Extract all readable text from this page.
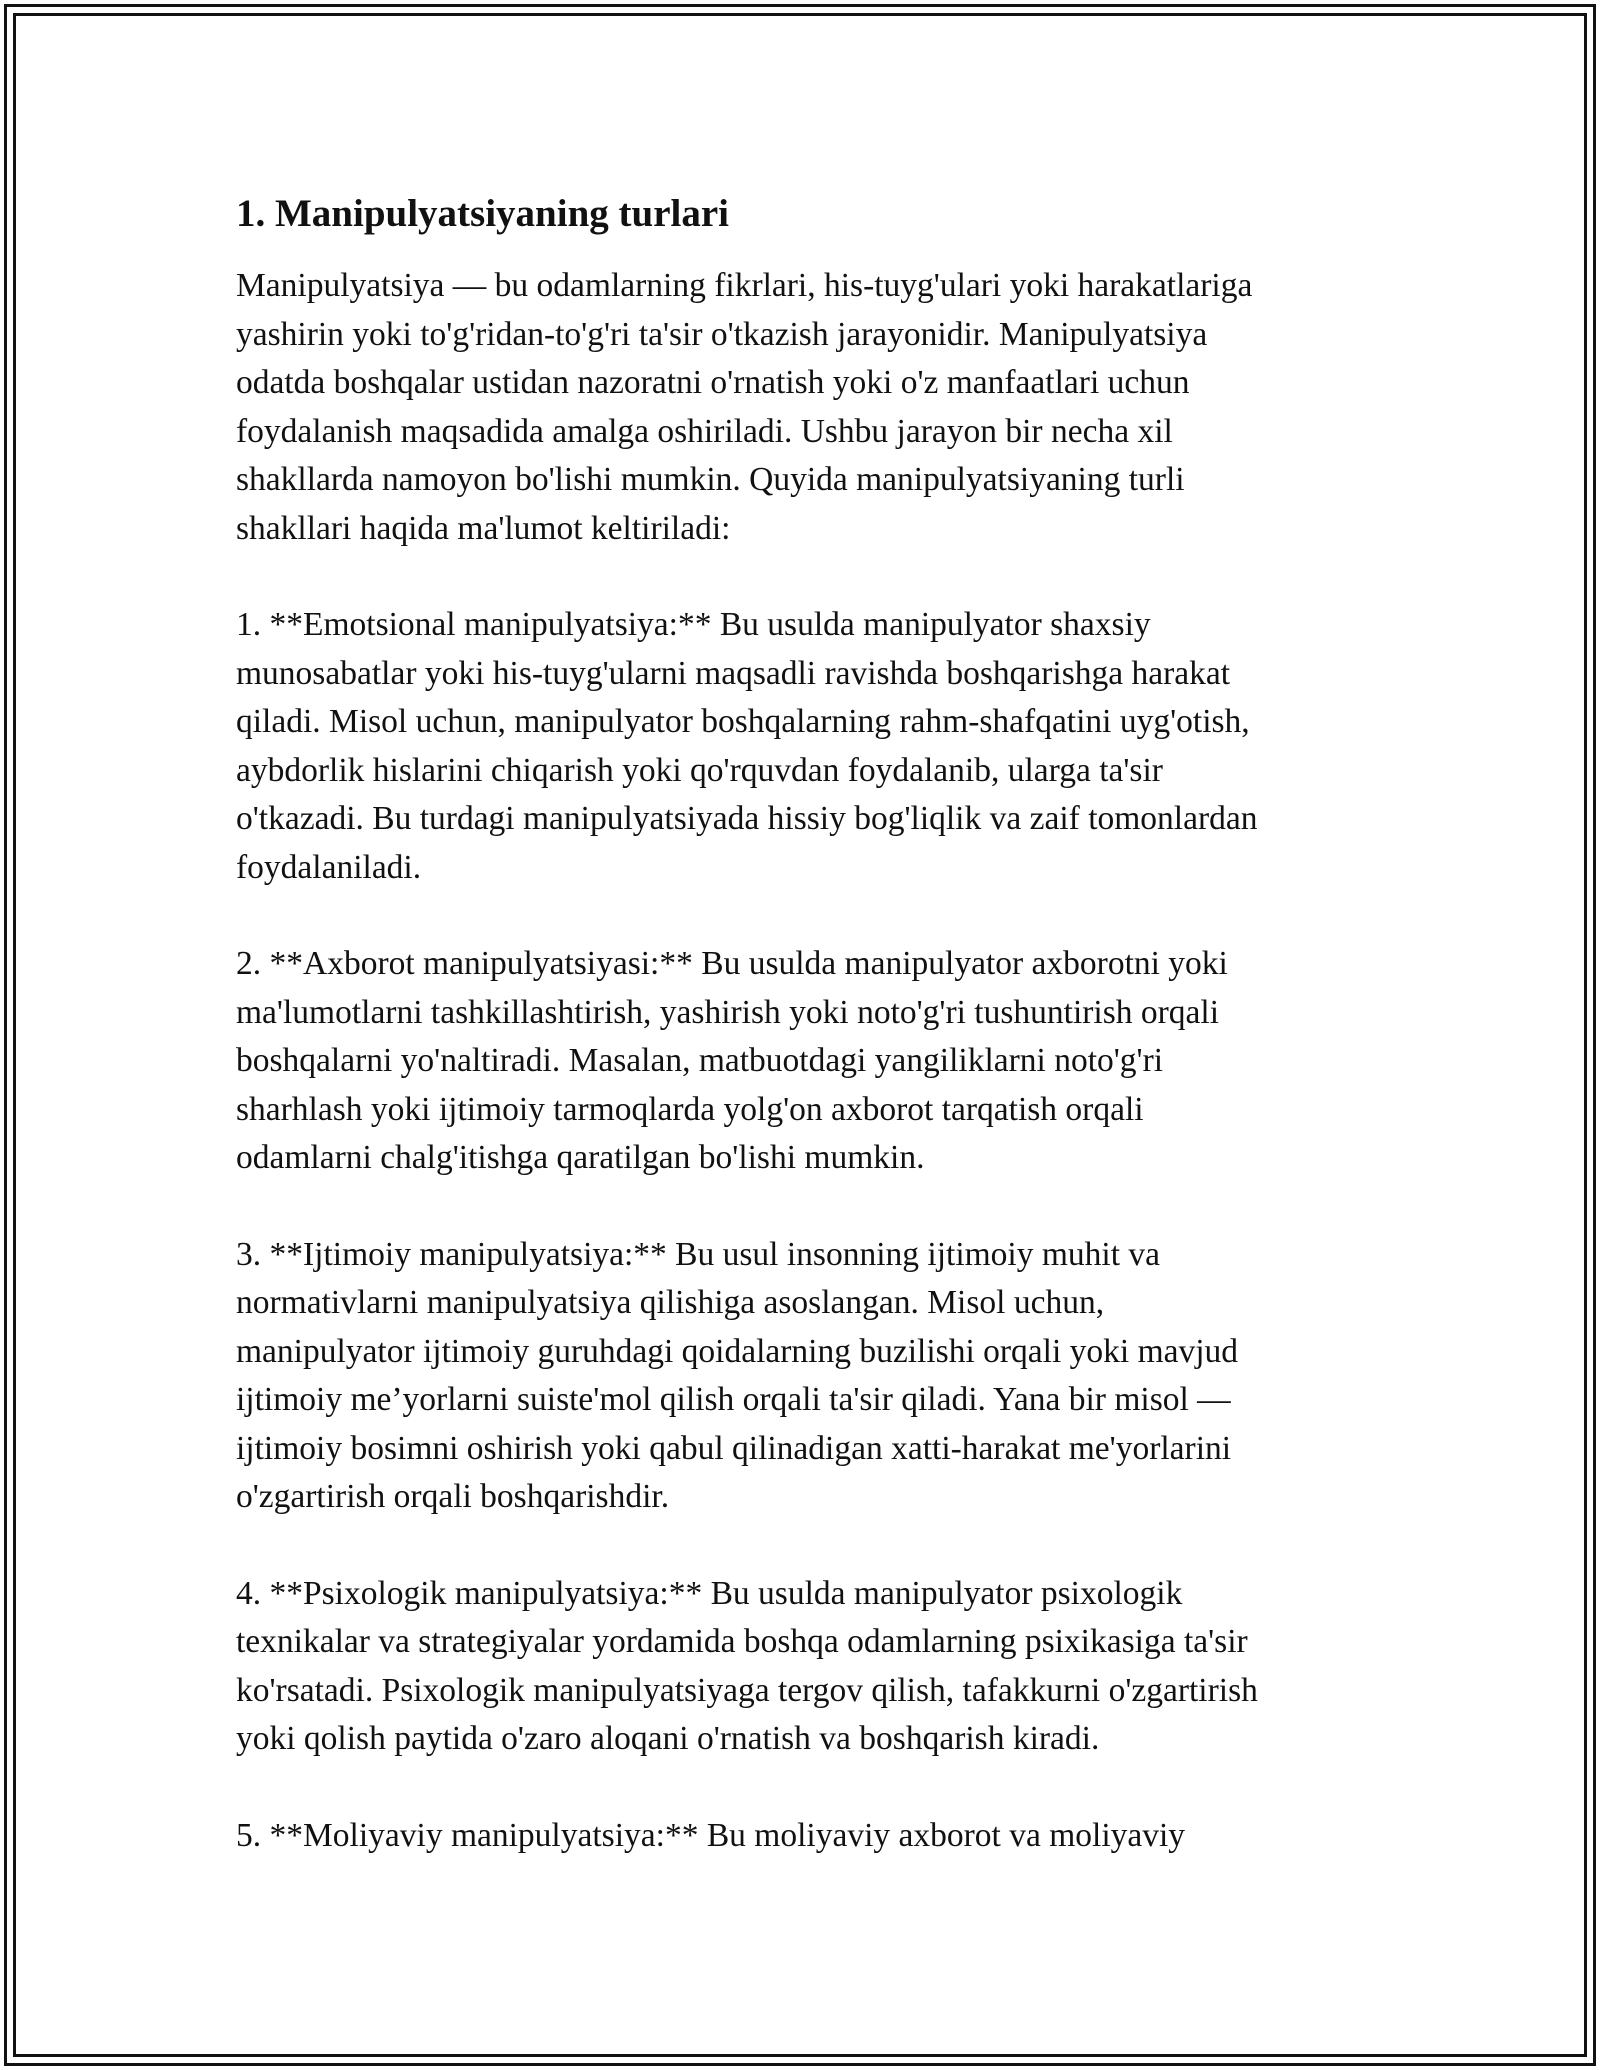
1. Manipulyatsiyaning turlari

Manipulyatsiya — bu odamlarning fikrlari, his-tuyg'ulari yoki harakatlariga
yashirin yoki to'g'ridan-to'g'ri ta'sir o'tkazish jarayonidir. Manipulyatsiya
odatda boshqalar ustidan nazoratni o'rnatish yoki o'z manfaatlari uchun
foydalanish maqsadida amalga oshiriladi. Ushbu jarayon bir necha xil
shakllarda namoyon bo'lishi mumkin. Quyida manipulyatsiyaning turli
shakllari haqida ma'lumot keltiriladi:

1. **Emotsional manipulyatsiya:** Bu usulda manipulyator shaxsiy
munosabatlar yoki his-tuyg'ularni maqsadli ravishda boshqarishga harakat
qiladi. Misol uchun, manipulyator boshqalarning rahm-shafqatini uyg'otish,
aybdorlik hislarini chiqarish yoki qo'rquvdan foydalanib, ularga ta'sir
o'tkazadi. Bu turdagi manipulyatsiyada hissiy bog'liqlik va zaif tomonlardan
foydalaniladi.

2. **Axborot manipulyatsiyasi:** Bu usulda manipulyator axborotni yoki
ma'lumotlarni tashkillashtirish, yashirish yoki noto'g'ri tushuntirish orqali
boshqalarni yo'naltiradi. Masalan, matbuotdagi yangiliklarni noto'g'ri
sharhlash yoki ijtimoiy tarmoqlarda yolg'on axborot tarqatish orqali
odamlarni chalg'itishga qaratilgan bo'lishi mumkin.

3. **Ijtimoiy manipulyatsiya:** Bu usul insonning ijtimoiy muhit va
normativlarni manipulyatsiya qilishiga asoslangan. Misol uchun,
manipulyator ijtimoiy guruhdagi qoidalarning buzilishi orqali yoki mavjud
ijtimoiy me’yorlarni suiste'mol qilish orqali ta'sir qiladi. Yana bir misol —
ijtimoiy bosimni oshirish yoki qabul qilinadigan xatti-harakat me'yorlarini
o'zgartirish orqali boshqarishdir.

4. **Psixologik manipulyatsiya:** Bu usulda manipulyator psixologik
texnikalar va strategiyalar yordamida boshqa odamlarning psixikasiga ta'sir
ko'rsatadi. Psixologik manipulyatsiyaga tergov qilish, tafakkurni o'zgartirish
yoki qolish paytida o'zaro aloqani o'rnatish va boshqarish kiradi.

5. **Moliyaviy manipulyatsiya:** Bu moliyaviy axborot va moliyaviy
